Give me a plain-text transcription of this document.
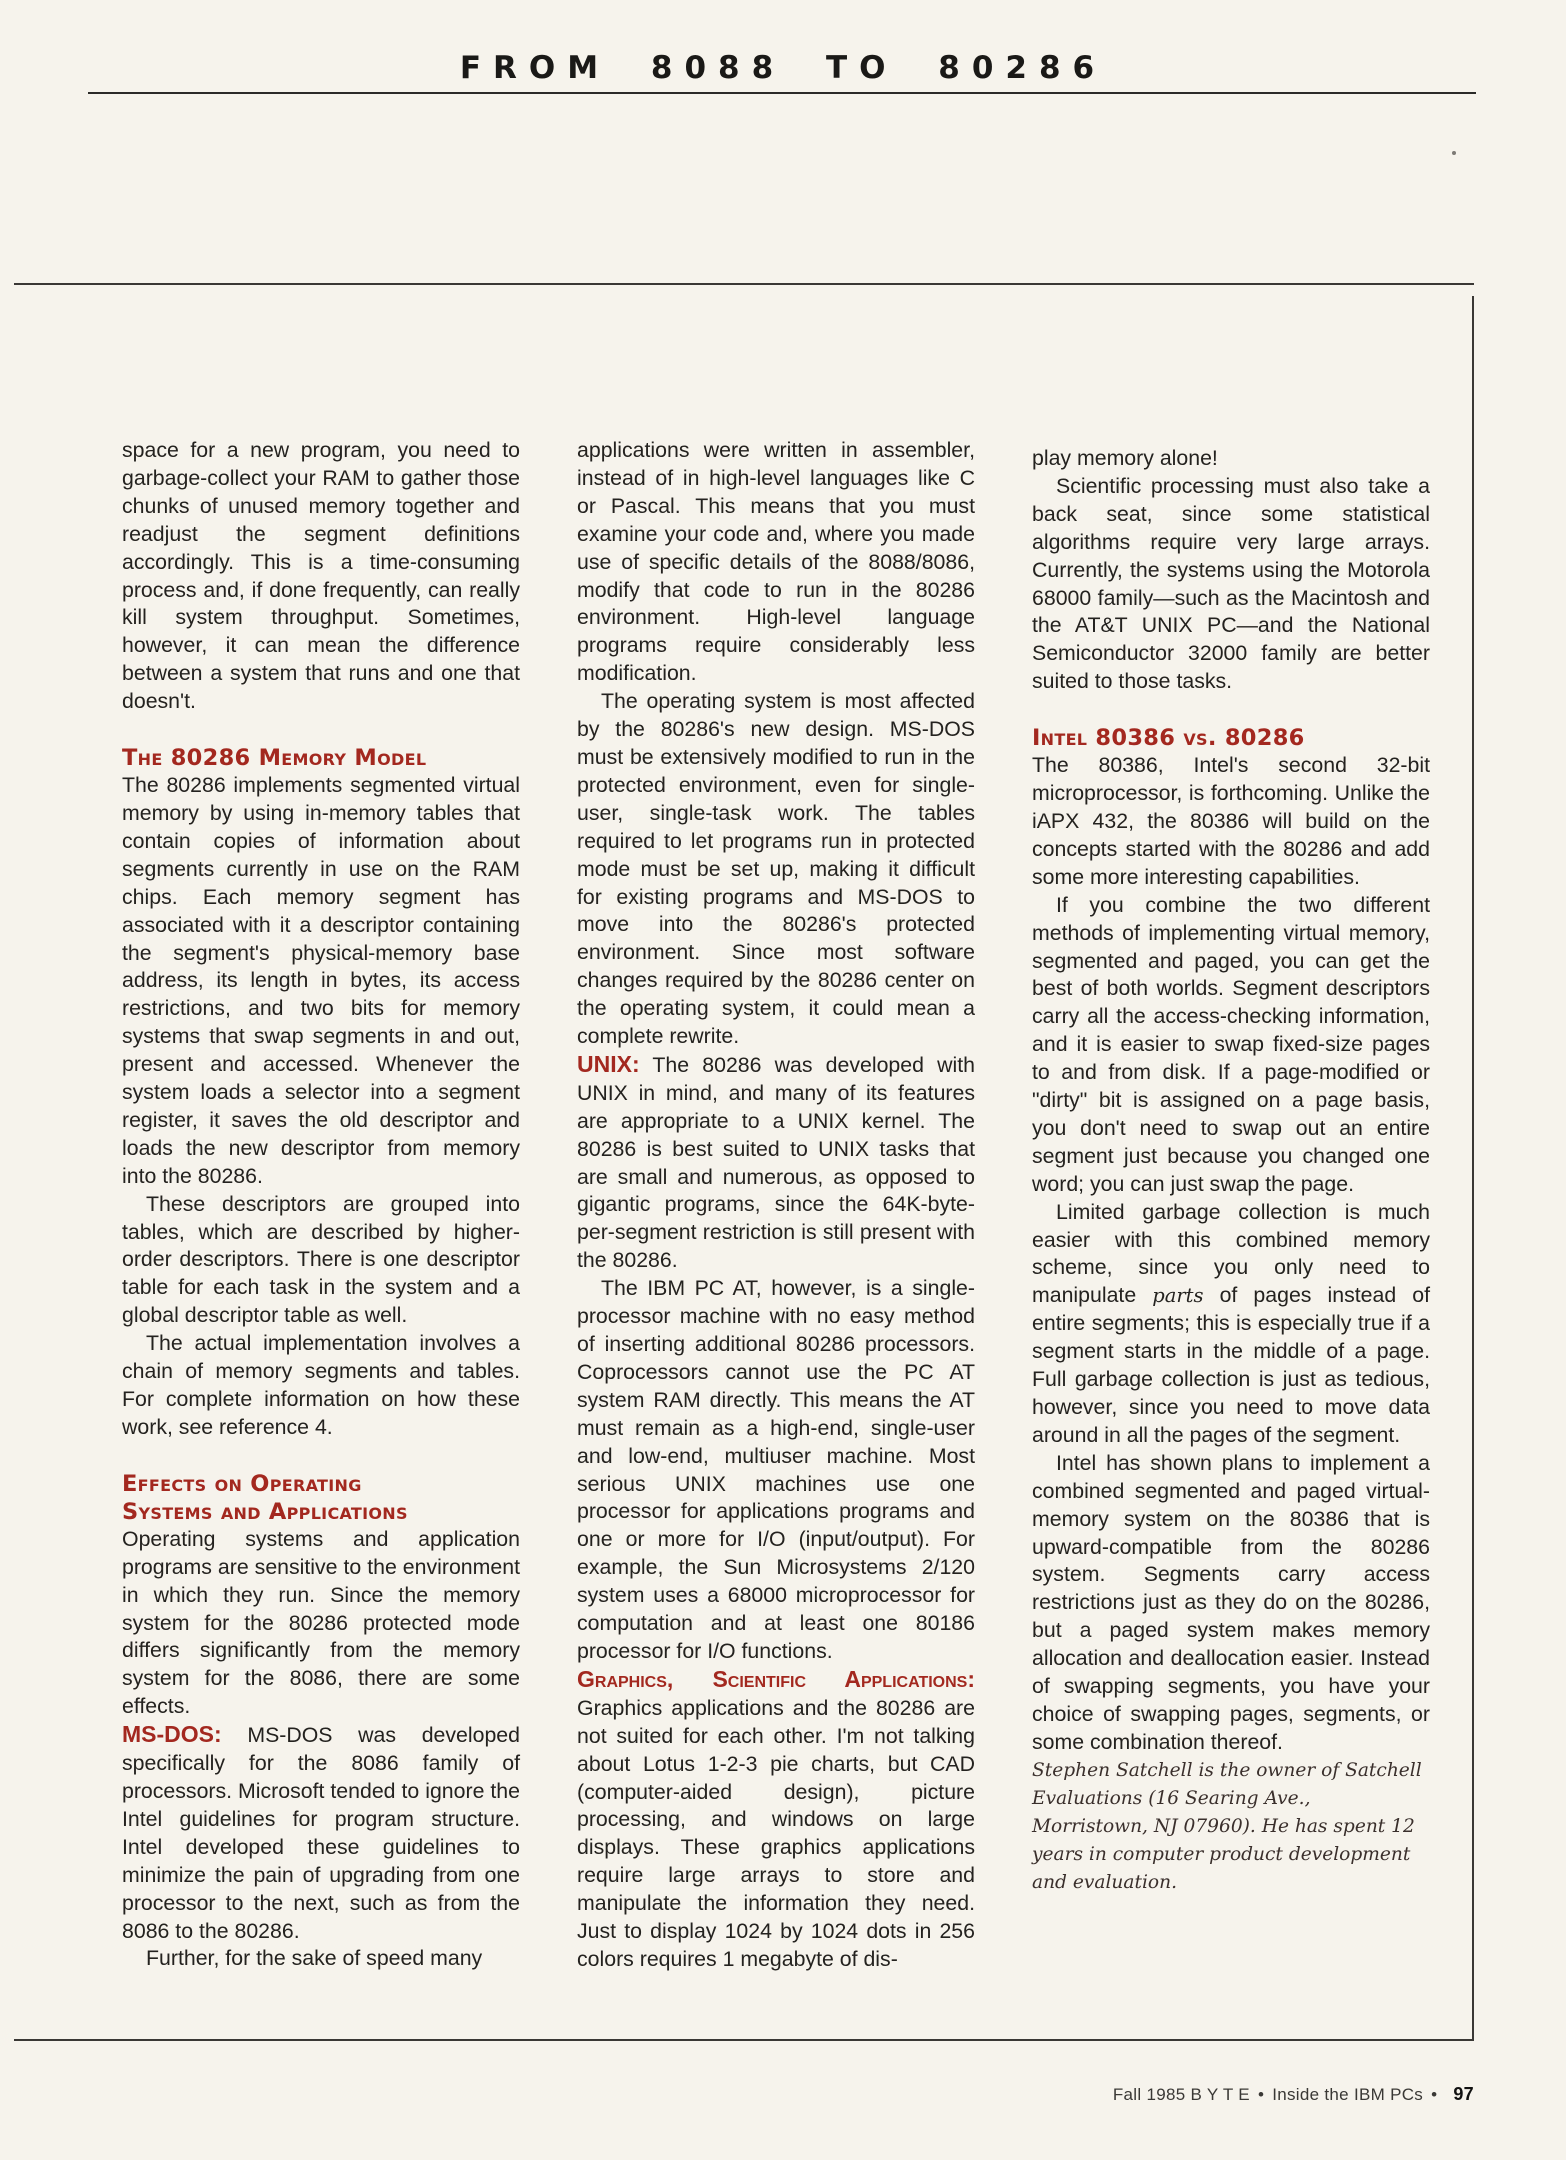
FROM 8088 TO 80286

space for a new program, you need to garbage-collect your RAM to gather those chunks of unused memory together and readjust the segment definitions accordingly. This is a time-consuming process and, if done frequently, can really kill system throughput. Sometimes, however, it can mean the difference between a system that runs and one that doesn't.

The 80286 Memory Model

The 80286 implements segmented virtual memory by using in-memory tables that contain copies of information about segments currently in use on the RAM chips. Each memory segment has associated with it a descriptor containing the segment's physical-memory base address, its length in bytes, its access restrictions, and two bits for memory systems that swap segments in and out, present and accessed. Whenever the system loads a selector into a segment register, it saves the old descriptor and loads the new descriptor from memory into the 80286.

These descriptors are grouped into tables, which are described by higher-order descriptors. There is one descriptor table for each task in the system and a global descriptor table as well.

The actual implementation involves a chain of memory segments and tables. For complete information on how these work, see reference 4.

Effects on Operating
Systems and Applications

Operating systems and application programs are sensitive to the environment in which they run. Since the memory system for the 80286 protected mode differs significantly from the memory system for the 8086, there are some effects.

MS-DOS: MS-DOS was developed specifically for the 8086 family of processors. Microsoft tended to ignore the Intel guidelines for program structure. Intel developed these guidelines to minimize the pain of upgrading from one processor to the next, such as from the 8086 to the 80286.

Further, for the sake of speed many

applications were written in assembler, instead of in high-level languages like C or Pascal. This means that you must examine your code and, where you made use of specific details of the 8088/8086, modify that code to run in the 80286 environment. High-level language programs require considerably less modification.

The operating system is most affected by the 80286's new design. MS-DOS must be extensively modified to run in the protected environment, even for single-user, single-task work. The tables required to let programs run in protected mode must be set up, making it difficult for existing programs and MS-DOS to move into the 80286's protected environment. Since most software changes required by the 80286 center on the operating system, it could mean a complete rewrite.

UNIX: The 80286 was developed with UNIX in mind, and many of its features are appropriate to a UNIX kernel. The 80286 is best suited to UNIX tasks that are small and numerous, as opposed to gigantic programs, since the 64K-byte-per-segment restriction is still present with the 80286.

The IBM PC AT, however, is a single-processor machine with no easy method of inserting additional 80286 processors. Coprocessors cannot use the PC AT system RAM directly. This means the AT must remain as a high-end, single-user and low-end, multiuser machine. Most serious UNIX machines use one processor for applications programs and one or more for I/O (input/output). For example, the Sun Microsystems 2/120 system uses a 68000 microprocessor for computation and at least one 80186 processor for I/O functions.

Graphics, Scientific Applications: Graphics applications and the 80286 are not suited for each other. I'm not talking about Lotus 1-2-3 pie charts, but CAD (computer-aided design), picture processing, and windows on large displays. These graphics applications require large arrays to store and manipulate the information they need. Just to display 1024 by 1024 dots in 256 colors requires 1 megabyte of dis-

play memory alone!

Scientific processing must also take a back seat, since some statistical algorithms require very large arrays. Currently, the systems using the Motorola 68000 family—such as the Macintosh and the AT&T UNIX PC—and the National Semiconductor 32000 family are better suited to those tasks.

Intel 80386 vs. 80286

The 80386, Intel's second 32-bit microprocessor, is forthcoming. Unlike the iAPX 432, the 80386 will build on the concepts started with the 80286 and add some more interesting capabilities.

If you combine the two different methods of implementing virtual memory, segmented and paged, you can get the best of both worlds. Segment descriptors carry all the access-checking information, and it is easier to swap fixed-size pages to and from disk. If a page-modified or "dirty" bit is assigned on a page basis, you don't need to swap out an entire segment just because you changed one word; you can just swap the page.

Limited garbage collection is much easier with this combined memory scheme, since you only need to manipulate parts of pages instead of entire segments; this is especially true if a segment starts in the middle of a page. Full garbage collection is just as tedious, however, since you need to move data around in all the pages of the segment.

Intel has shown plans to implement a combined segmented and paged virtual-memory system on the 80386 that is upward-compatible from the 80286 system. Segments carry access restrictions just as they do on the 80286, but a paged system makes memory allocation and deallocation easier. Instead of swapping segments, you have your choice of swapping pages, segments, or some combination thereof.

Stephen Satchell is the owner of Satchell Evaluations (16 Searing Ave., Morristown, NJ 07960). He has spent 12 years in computer product development and evaluation.

Fall 1985 B Y T E • Inside the IBM PCs • 97
